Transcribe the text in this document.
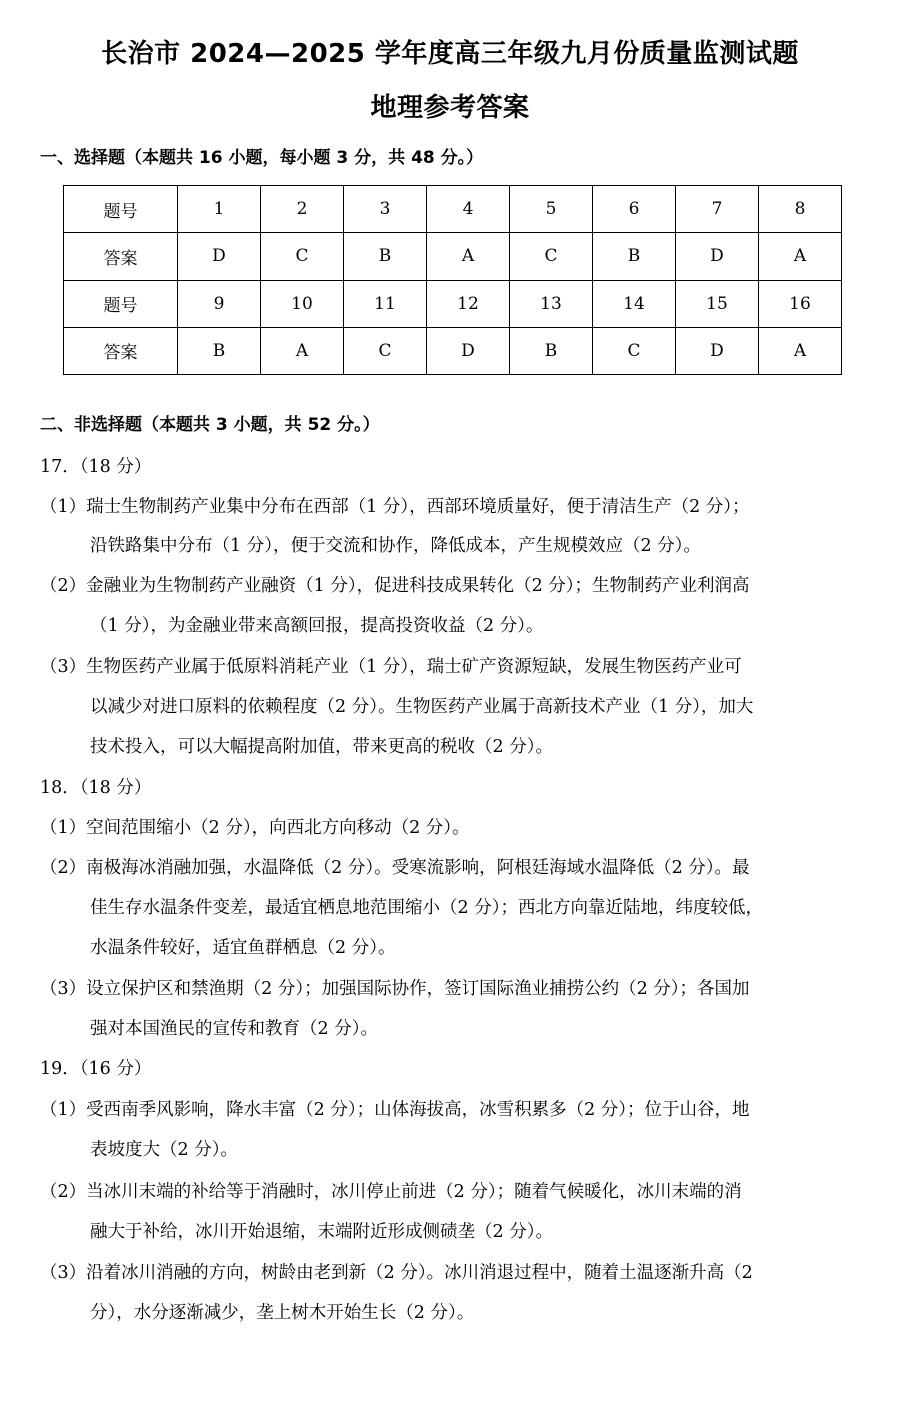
长治市 2024—2025 学年度高三年级九月份质量监测试题
地理参考答案
一、选择题（本题共 16 小题，每小题 3 分，共 48 分。）
题号	1	2	3	4	5	6	7	8
答案	D	C	B	A	C	B	D	A
题号	9	10	11	12	13	14	15	16
答案	B	A	C	D	B	C	D	A
二、非选择题（本题共 3 小题，共 52 分。）
17．（18 分）
（1）瑞士生物制药产业集中分布在西部（1 分），西部环境质量好，便于清洁生产（2 分）；
沿铁路集中分布（1 分），便于交流和协作，降低成本，产生规模效应（2 分）。
（2）金融业为生物制药产业融资（1 分），促进科技成果转化（2 分）；生物制药产业利润高
（1 分），为金融业带来高额回报，提高投资收益（2 分）。
（3）生物医药产业属于低原料消耗产业（1 分），瑞士矿产资源短缺，发展生物医药产业可
以减少对进口原料的依赖程度（2 分）。生物医药产业属于高新技术产业（1 分），加大
技术投入，可以大幅提高附加值，带来更高的税收（2 分）。
18．（18 分）
（1）空间范围缩小（2 分），向西北方向移动（2 分）。
（2）南极海冰消融加强，水温降低（2 分）。受寒流影响，阿根廷海域水温降低（2 分）。最
佳生存水温条件变差，最适宜栖息地范围缩小（2 分）；西北方向靠近陆地，纬度较低，
水温条件较好，适宜鱼群栖息（2 分）。
（3）设立保护区和禁渔期（2 分）；加强国际协作，签订国际渔业捕捞公约（2 分）；各国加
强对本国渔民的宣传和教育（2 分）。
19．（16 分）
（1）受西南季风影响，降水丰富（2 分）；山体海拔高，冰雪积累多（2 分）；位于山谷，地
表坡度大（2 分）。
（2）当冰川末端的补给等于消融时，冰川停止前进（2 分）；随着气候暖化，冰川末端的消
融大于补给，冰川开始退缩，末端附近形成侧碛垄（2 分）。
（3）沿着冰川消融的方向，树龄由老到新（2 分）。冰川消退过程中，随着土温逐渐升高（2
分），水分逐渐减少，垄上树木开始生长（2 分）。
